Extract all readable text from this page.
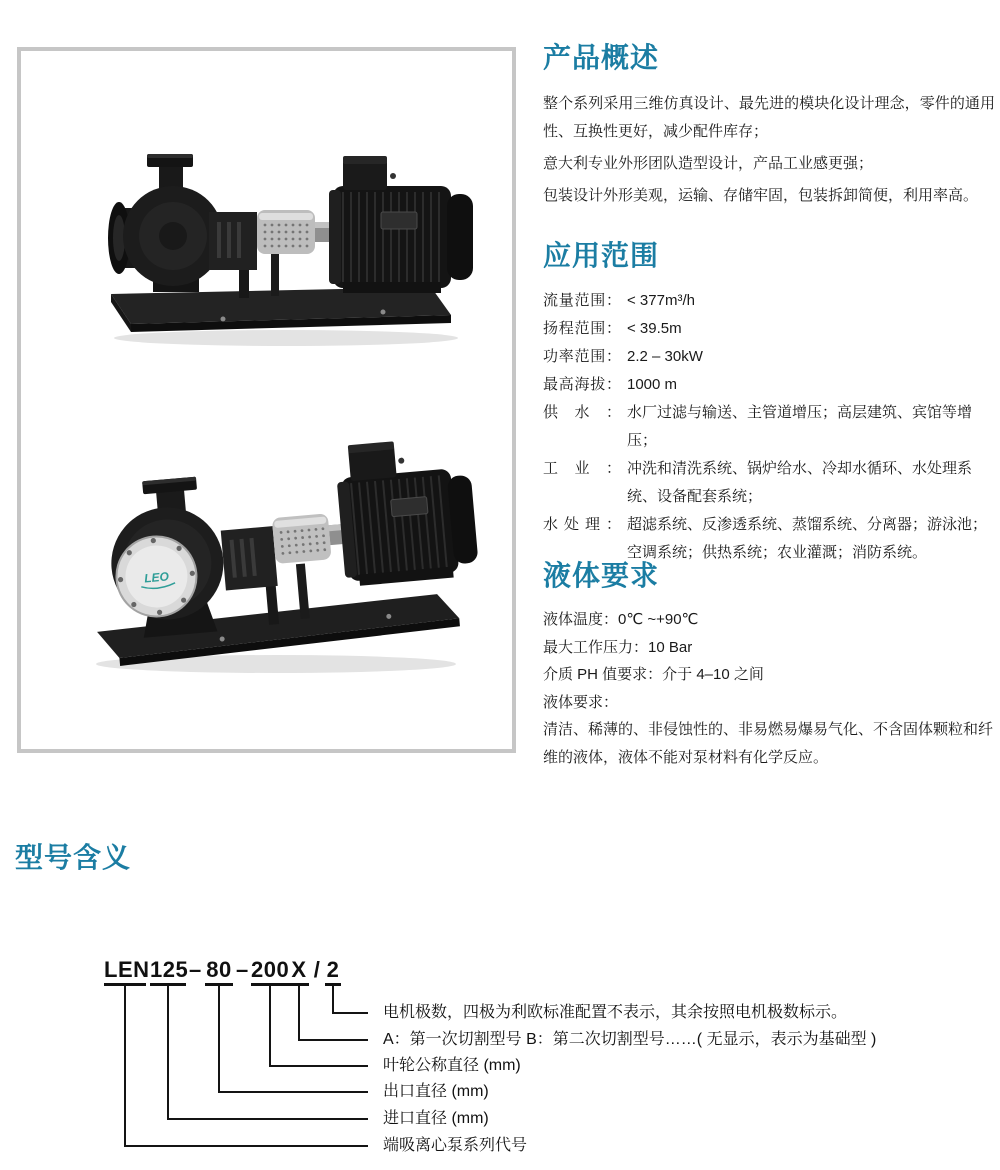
LEO
产品概述

整个系列采用三维仿真设计、最先进的模块化设计理念，零件的通用性、互换性更好，减少配件库存；

意大利专业外形团队造型设计，产品工业感更强；

包装设计外形美观，运输、存储牢固，包装拆卸简便，利用率高。

应用范围
流量范围： < 377m³/h
扬程范围： < 39.5m
功率范围： 2.2 – 30kW
最高海拔： 1000 m
供 水 ： 水厂过滤与输送、主管道增压；高层建筑、宾馆等增压；
工 业 ： 冲洗和清洗系统、锅炉给水、冷却水循环、水处理系统、设备配套系统；
水处理： 超滤系统、反渗透系统、蒸馏系统、分离器；游泳池；空调系统；供热系统；农业灌溉；消防系统。
液体要求

液体温度：0℃ ~+90℃

最大工作压力：10 Bar

介质 PH 值要求：介于 4–10 之间

液体要求：

清洁、稀薄的、非侵蚀性的、非易燃易爆易气化、不含固体颗粒和纤维的液体，液体不能对泵材料有化学反应。

型号含义
LEN 125 – 80 – 200 X / 2
电机极数，四极为利欧标准配置不表示，其余按照电机极数标示。
A：第一次切割型号 B：第二次切割型号……( 无显示，表示为基础型 )
叶轮公称直径 (mm)
出口直径 (mm)
进口直径 (mm)
端吸离心泵系列代号
